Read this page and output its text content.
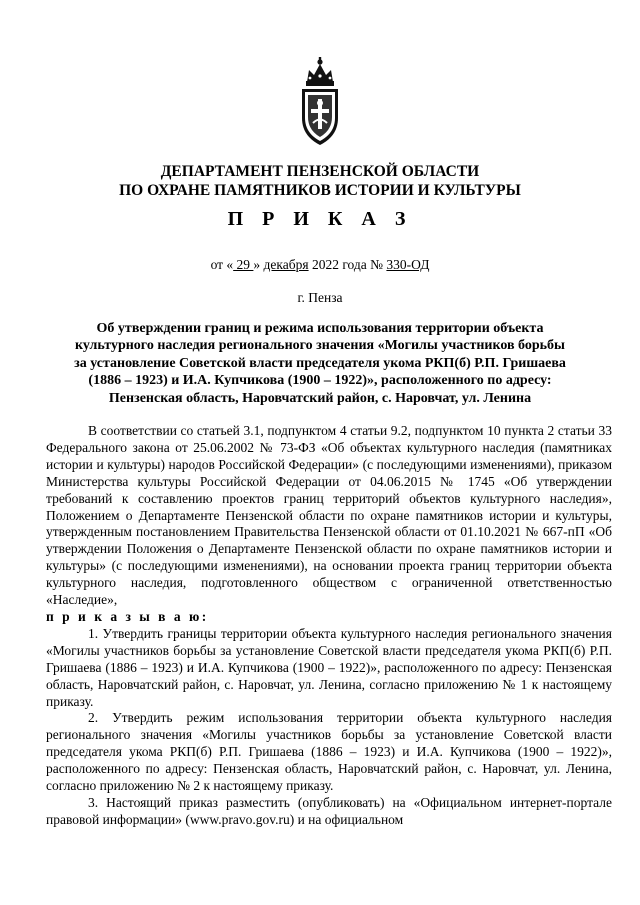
ДЕПАРТАМЕНТ ПЕНЗЕНСКОЙ ОБЛАСТИ
ПО ОХРАНЕ ПАМЯТНИКОВ ИСТОРИИ И КУЛЬТУРЫ
П Р И К А З
от « 29 » декабря 2022 года № 330-ОД
г. Пенза
Об утверждении границ и режима использования территории объекта культурного наследия регионального значения «Могилы участников борьбы за установление Советской власти председателя укома РКП(б) Р.П. Гришаева (1886 – 1923) и И.А. Купчикова (1900 – 1922)», расположенного по адресу: Пензенская область, Наровчатский район, с. Наровчат, ул. Ленина

В соответствии со статьей 3.1, подпунктом 4 статьи 9.2, подпунктом 10 пункта 2 статьи 33 Федерального закона от 25.06.2002 № 73-ФЗ «Об объектах культурного наследия (памятниках истории и культуры) народов Российской Федерации» (с последующими изменениями), приказом Министерства культуры Российской Федерации от 04.06.2015 № 1745 «Об утверждении требований к составлению проектов границ территорий объектов культурного наследия», Положением о Департаменте Пензенской области по охране памятников истории и культуры, утвержденным постановлением Правительства Пензенской области от 01.10.2021 № 667-пП «Об утверждении Положения о Департаменте Пензенской области по охране памятников истории и культуры» (с последующими изменениями), на основании проекта границ территории объекта культурного наследия, подготовленного обществом с ограниченной ответственностью «Наследие»,

п р и к а з ы в а ю:

1. Утвердить границы территории объекта культурного наследия регионального значения «Могилы участников борьбы за установление Советской власти председателя укома РКП(б) Р.П. Гришаева (1886 – 1923) и И.А. Купчикова (1900 – 1922)», расположенного по адресу: Пензенская область, Наровчатский район, с. Наровчат, ул. Ленина, согласно приложению № 1 к настоящему приказу.

2. Утвердить режим использования территории объекта культурного наследия регионального значения «Могилы участников борьбы за установление Советской власти председателя укома РКП(б) Р.П. Гришаева (1886 – 1923) и И.А. Купчикова (1900 – 1922)», расположенного по адресу: Пензенская область, Наровчатский район, с. Наровчат, ул. Ленина, согласно приложению № 2 к настоящему приказу.

3. Настоящий приказ разместить (опубликовать) на «Официальном интернет-портале правовой информации» (www.pravo.gov.ru) и на официальном
